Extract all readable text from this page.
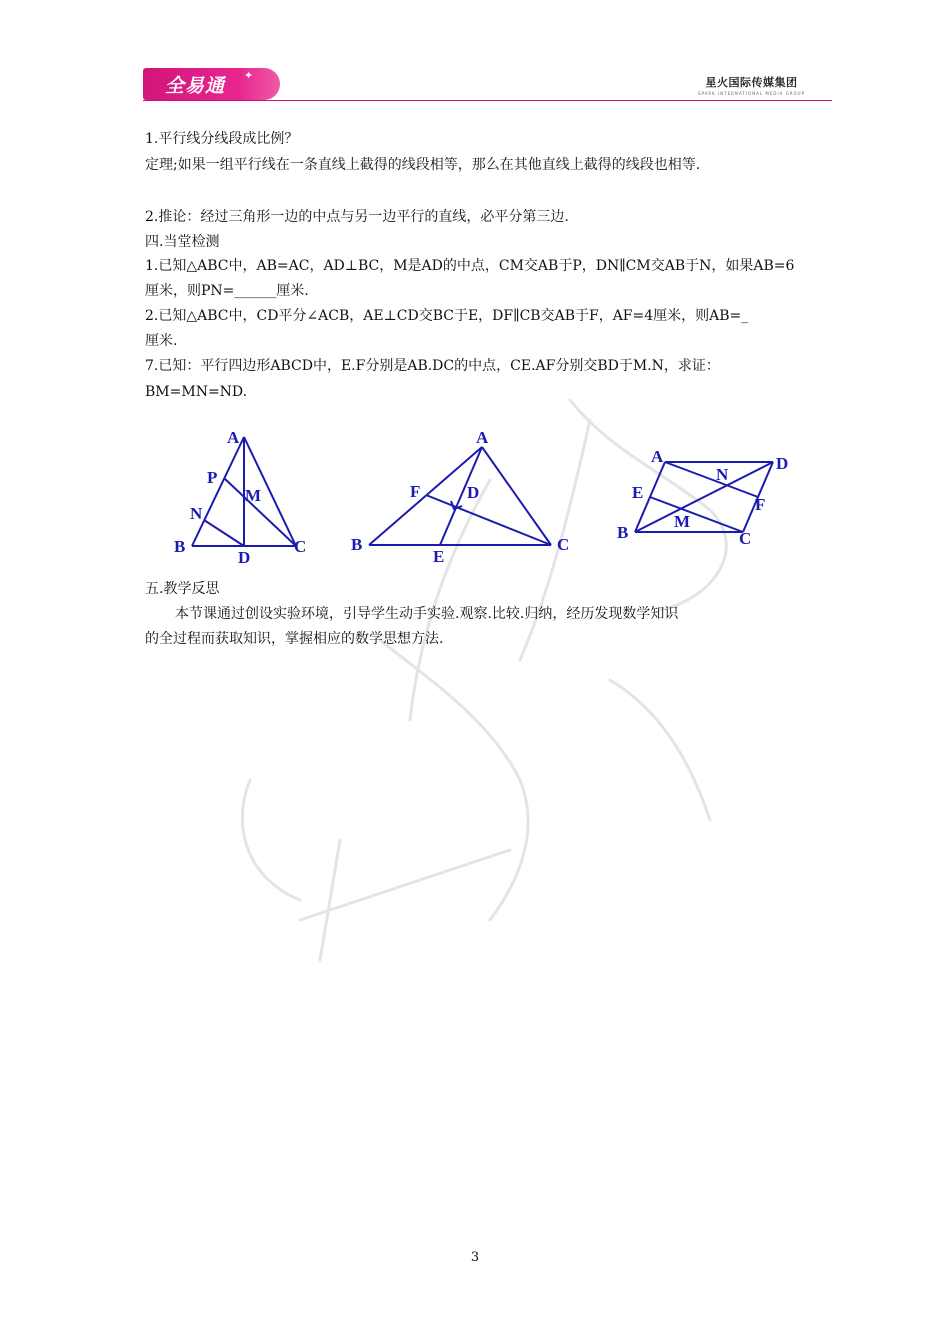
全易通 ✦
星火国际传媒集团
SPARK INTERNATIONAL MEDIA GROUP
1.平行线分线段成比例？
定理;如果一组平行线在一条直线上截得的线段相等，那么在其他直线上截得的线段也相等.
2.推论：经过三角形一边的中点与另一边平行的直线，必平分第三边.
四.当堂检测
1.已知△ABC中，AB=AC，AD⊥BC，M是AD的中点，CM交AB于P，DN∥CM交AB于N，如果AB=6
厘米，则PN=______厘米.
2.已知△ABC中，CD平分∠ACB，AE⊥CD交BC于E，DF∥CB交AB于F，AF=4厘米，则AB=_
厘米.
7.已知：平行四边形ABCD中，E.F分别是AB.DC的中点，CE.AF分别交BD于M.N，求证：
BM=MN=ND.
A
P
M
N
B
D
C
A
F	D
B
E
C
A	D
N
E
F
M
B	C
五.教学反思
本节课通过创设实验环境，引导学生动手实验.观察.比较.归纳，经历发现数学知识
的全过程而获取知识，掌握相应的数学思想方法.
3
